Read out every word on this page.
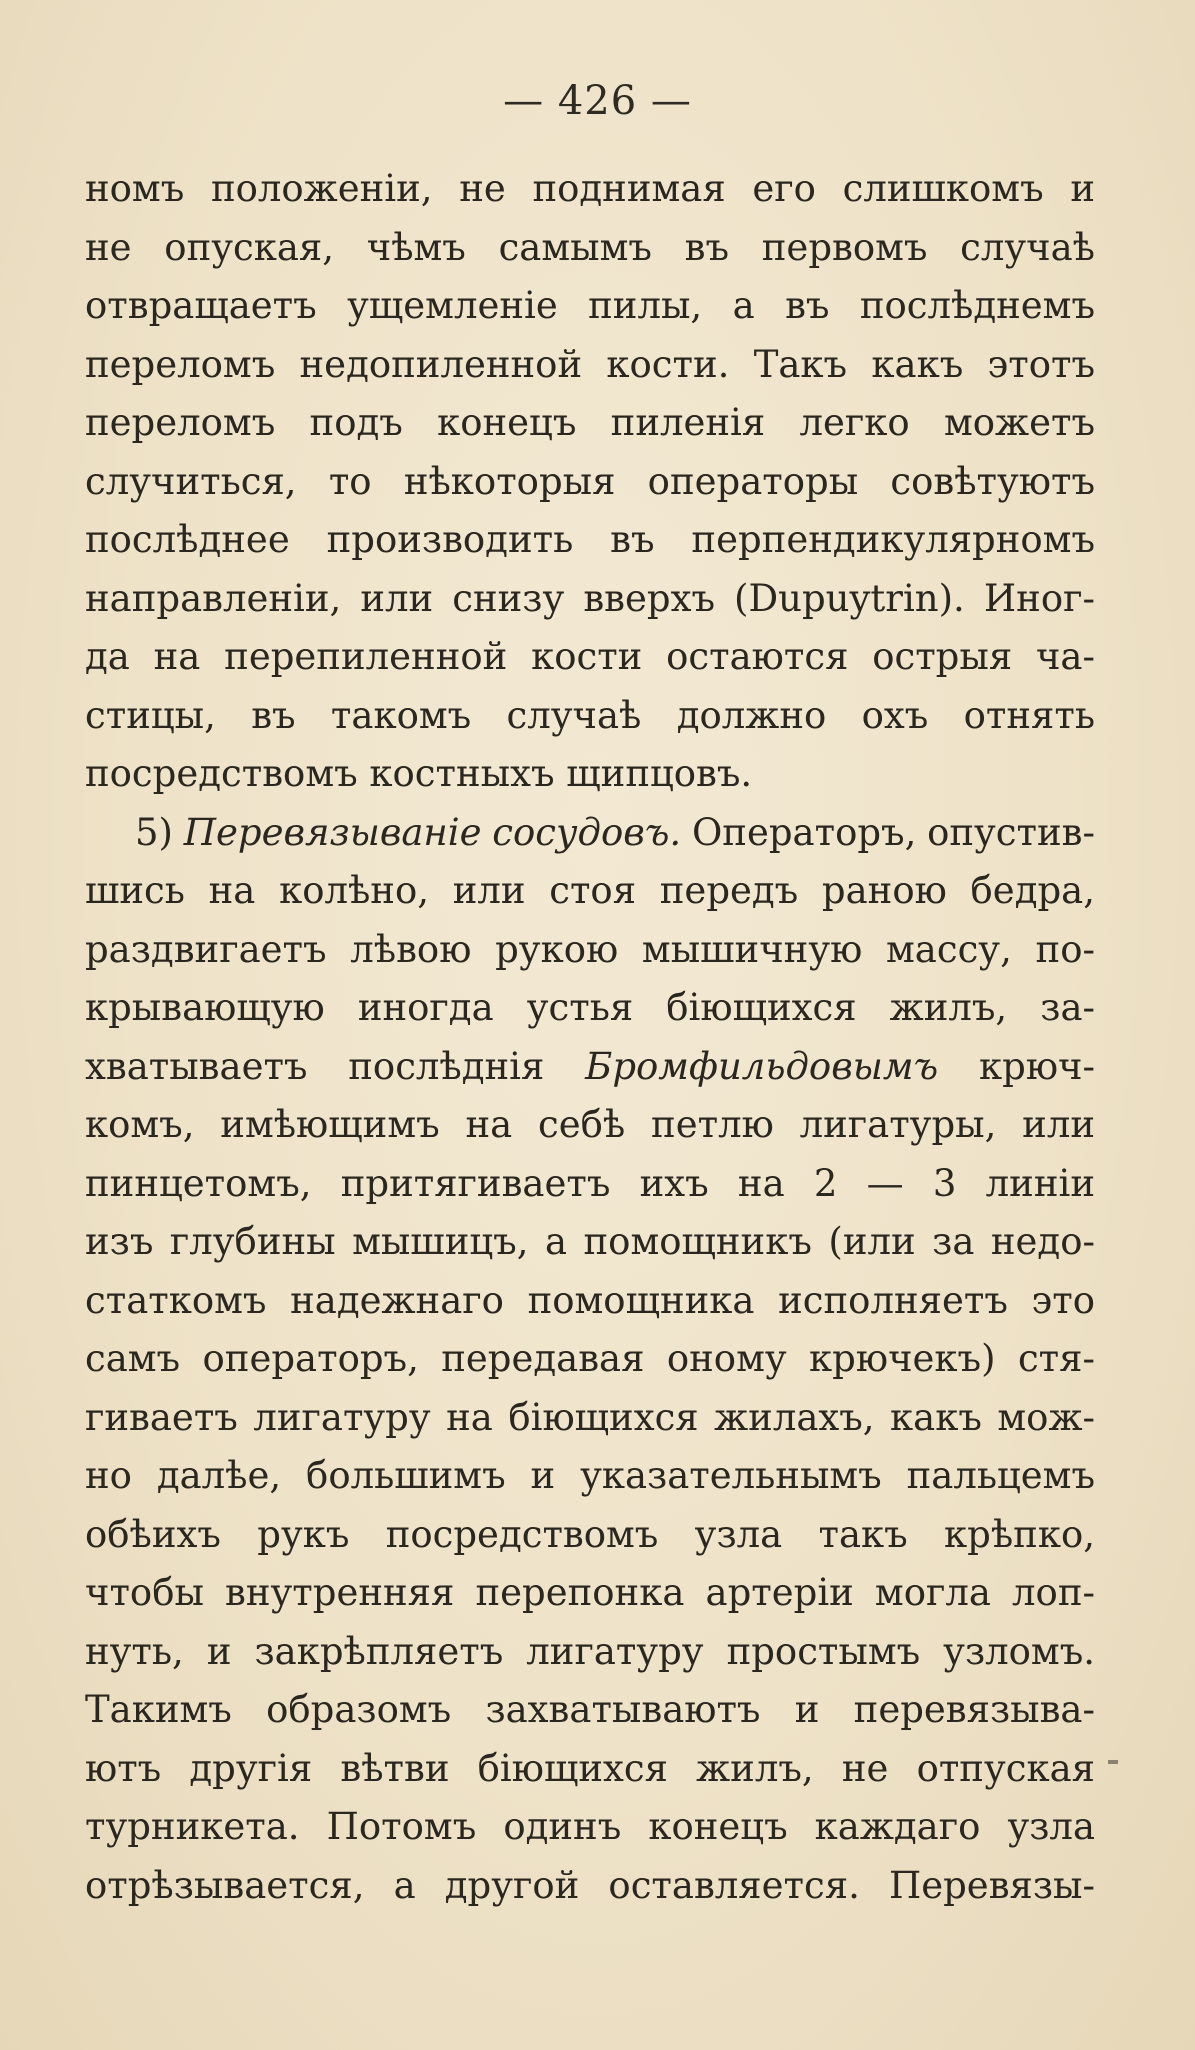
— 426 —
номъ положенiи, не поднимая его слишкомъ и
не опуская, чѣмъ самымъ въ первомъ случаѣ
отвращаетъ ущемленiе пилы, а въ послѣднемъ
переломъ недопиленной кости. Такъ какъ этотъ
переломъ подъ конецъ пиленiя легко можетъ
случиться, то нѣкоторыя операторы совѣтуютъ
послѣднее производить въ перпендикулярномъ
направленiи, или снизу вверхъ (Dupuytrin). Иног-
да на перепиленной кости остаются острыя ча-
стицы, въ такомъ случаѣ должно охъ отнять
посредствомъ костныхъ щипцовъ.
5) Перевязыванiе сосудовъ. Операторъ, опустив-
шись на колѣно, или стоя передъ раною бедра,
раздвигаетъ лѣвою рукою мышичную массу, по-
крывающую иногда устья бiющихся жилъ, за-
хватываетъ послѣднiя Бромфильдовымъ крюч-
комъ, имѣющимъ на себѣ петлю лигатуры, или
пинцетомъ, притягиваетъ ихъ на 2 — 3 линiи
изъ глубины мышицъ, а помощникъ (или за недо-
статкомъ надежнаго помощника исполняетъ это
самъ операторъ, передавая оному крючекъ) стя-
гиваетъ лигатуру на бiющихся жилахъ, какъ мож-
но далѣе, большимъ и указательнымъ пальцемъ
обѣихъ рукъ посредствомъ узла такъ крѣпко,
чтобы внутренняя перепонка артерiи могла лоп-
нуть, и закрѣпляетъ лигатуру простымъ узломъ.
Такимъ образомъ захватываютъ и перевязыва-
ютъ другiя вѣтви бiющихся жилъ, не отпуская
турникета. Потомъ одинъ конецъ каждаго узла
отрѣзывается, а другой оставляется. Перевязы-
